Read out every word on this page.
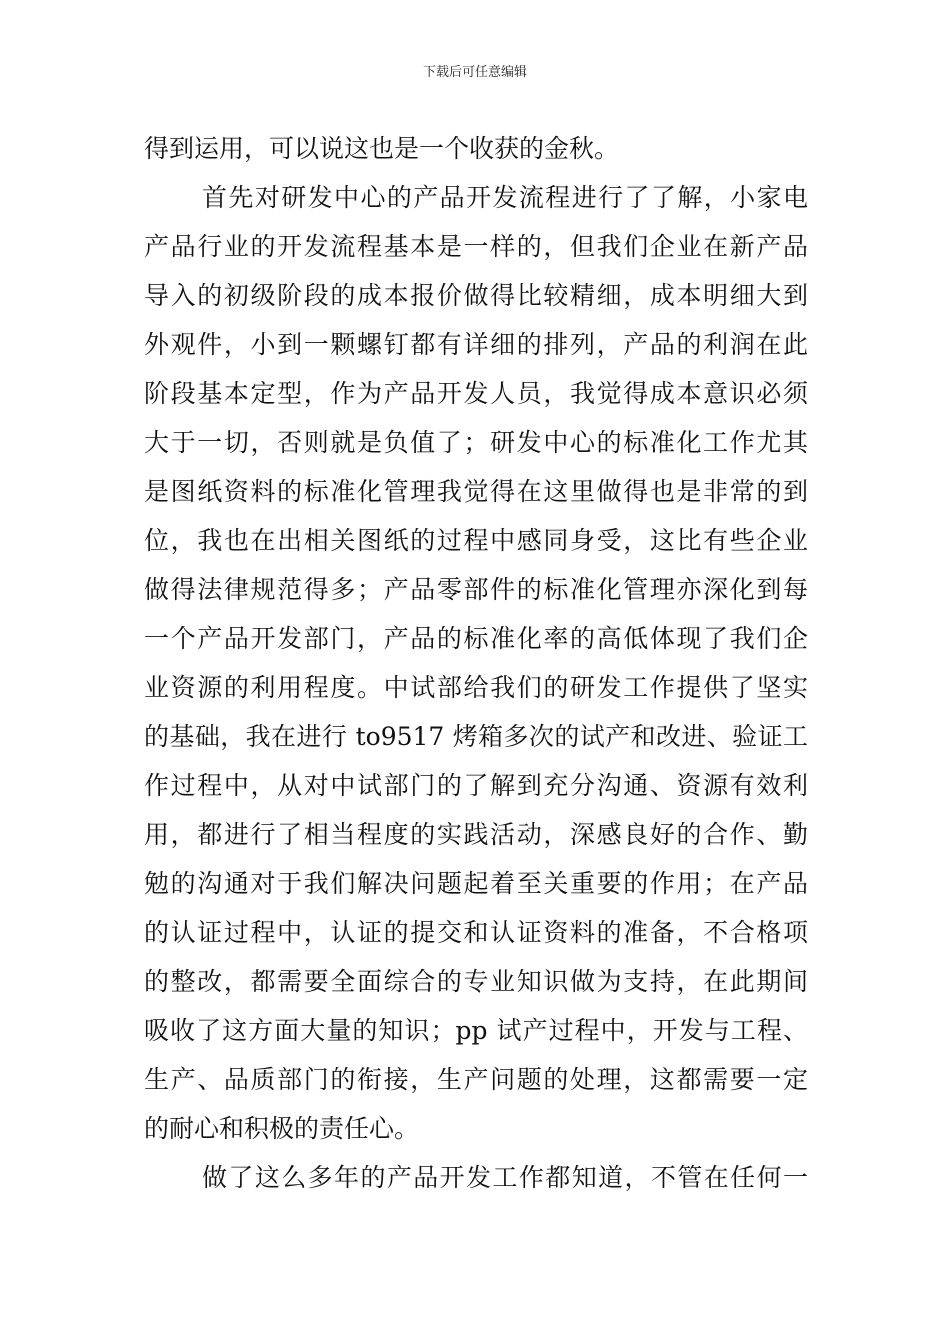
下载后可任意编辑
得到运用，可以说这也是一个收获的金秋。
首先对研发中心的产品开发流程进行了了解，小家电
产品行业的开发流程基本是一样的，但我们企业在新产品
导入的初级阶段的成本报价做得比较精细，成本明细大到
外观件，小到一颗螺钉都有详细的排列，产品的利润在此
阶段基本定型，作为产品开发人员，我觉得成本意识必须
大于一切，否则就是负值了；研发中心的标准化工作尤其
是图纸资料的标准化管理我觉得在这里做得也是非常的到
位，我也在出相关图纸的过程中感同身受，这比有些企业
做得法律规范得多；产品零部件的标准化管理亦深化到每
一个产品开发部门，产品的标准化率的高低体现了我们企
业资源的利用程度。中试部给我们的研发工作提供了坚实
的基础，我在进行 to9517 烤箱多次的试产和改进、验证工
作过程中，从对中试部门的了解到充分沟通、资源有效利
用，都进行了相当程度的实践活动，深感良好的合作、勤
勉的沟通对于我们解决问题起着至关重要的作用；在产品
的认证过程中，认证的提交和认证资料的准备，不合格项
的整改，都需要全面综合的专业知识做为支持，在此期间
吸收了这方面大量的知识；pp 试产过程中，开发与工程、
生产、品质部门的衔接，生产问题的处理，这都需要一定
的耐心和积极的责任心。
做了这么多年的产品开发工作都知道，不管在任何一
